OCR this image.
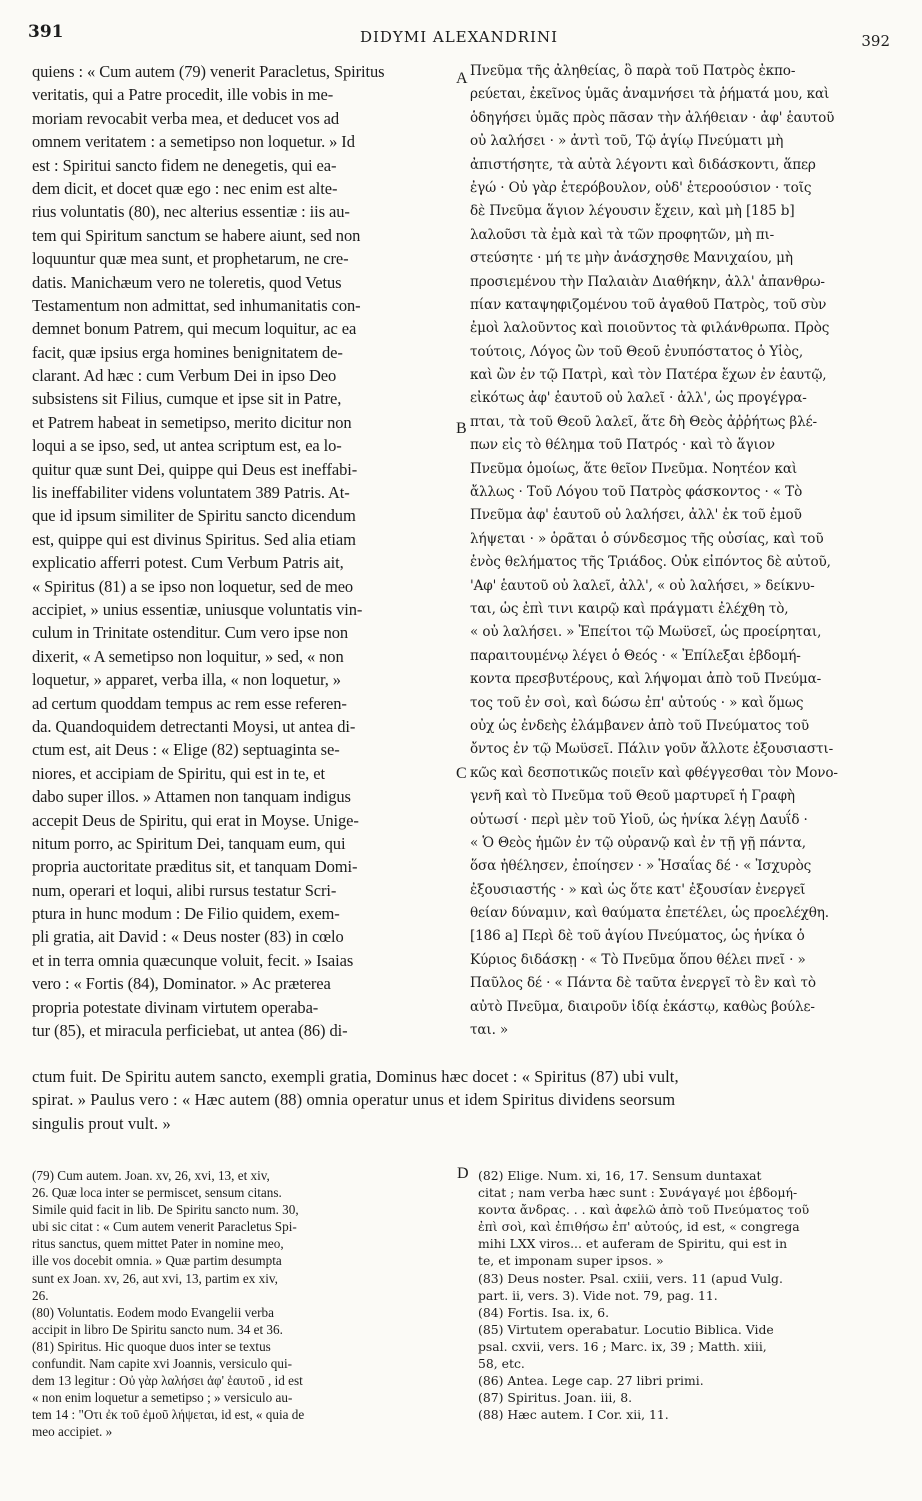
391	DIDYMI ALEXANDRINI	392
quiens : « Cum autem (79) venerit Paracletus, Spiritus
veritatis, qui a Patre procedit, ille vobis in me-
moriam revocabit verba mea, et deducet vos ad
omnem veritatem : a semetipso non loquetur. » Id
est : Spiritui sancto fidem ne denegetis, qui ea-
dem dicit, et docet quæ ego : nec enim est alte-
rius voluntatis (80), nec alterius essentiæ : iis au-
tem qui Spiritum sanctum se habere aiunt, sed non
loquuntur quæ mea sunt, et prophetarum, ne cre-
datis. Manichæum vero ne toleretis, quod Vetus
Testamentum non admittat, sed inhumanitatis con-
demnet bonum Patrem, qui mecum loquitur, ac ea
facit, quæ ipsius erga homines benignitatem de-
clarant. Ad hæc : cum Verbum Dei in ipso Deo
subsistens sit Filius, cumque et ipse sit in Patre,
et Patrem habeat in semetipso, merito dicitur non
loqui a se ipso, sed, ut antea scriptum est, ea lo-
quitur quæ sunt Dei, quippe qui Deus est ineffabi-
lis ineffabiliter videns voluntatem 389 Patris. At-
que id ipsum similiter de Spiritu sancto dicendum
est, quippe qui est divinus Spiritus. Sed alia etiam
explicatio afferri potest. Cum Verbum Patris ait,
« Spiritus (81) a se ipso non loquetur, sed de meo
accipiet, » unius essentiæ, uniusque voluntatis vin-
culum in Trinitate ostenditur. Cum vero ipse non
dixerit, « A semetipso non loquitur, » sed, « non
loquetur, » apparet, verba illa, « non loquetur, »
ad certum quoddam tempus ac rem esse referen-
da. Quandoquidem detrectanti Moysi, ut antea di-
ctum est, ait Deus : « Elige (82) septuaginta se-
niores, et accipiam de Spiritu, qui est in te, et
dabo super illos. » Attamen non tanquam indigus
accepit Deus de Spiritu, qui erat in Moyse. Unige-
nitum porro, ac Spiritum Dei, tanquam eum, qui
propria auctoritate præditus sit, et tanquam Domi-
num, operari et loqui, alibi rursus testatur Scri-
ptura in hunc modum : De Filio quidem, exem-
pli gratia, ait David : « Deus noster (83) in cœlo
et in terra omnia quæcunque voluit, fecit. » Isaias
vero : « Fortis (84), Dominator. » Ac præterea
propria potestate divinam virtutem operaba-
tur (85), et miracula perficiebat, ut antea (86) di-
Πνεῦμα τῆς ἀληθείας, ὃ παρὰ τοῦ Πατρὸς ἐκπο-
ρεύεται, ἐκεῖνος ὑμᾶς ἀναμνήσει τὰ ῥήματά μου, καὶ
ὁδηγήσει ὑμᾶς πρὸς πᾶσαν τὴν ἀλήθειαν · ἀφ' ἑαυτοῦ
οὐ λαλήσει · » ἀντὶ τοῦ, Τῷ ἁγίῳ Πνεύματι μὴ
ἀπιστήσητε, τὰ αὐτὰ λέγοντι καὶ διδάσκοντι, ἅπερ
ἐγώ · Οὐ γὰρ ἑτερόβουλον, οὐδ' ἑτεροούσιον · τοῖς
δὲ Πνεῦμα ἅγιον λέγουσιν ἔχειν, καὶ μὴ [185 b]
λαλοῦσι τὰ ἐμὰ καὶ τὰ τῶν προφητῶν, μὴ πι-
στεύσητε · μή τε μὴν ἀνάσχησθε Μανιχαίου, μὴ
προσιεμένου τὴν Παλαιὰν Διαθήκην, ἀλλ' ἀπανθρω-
πίαν καταψηφιζομένου τοῦ ἀγαθοῦ Πατρὸς, τοῦ σὺν
ἐμοὶ λαλοῦντος καὶ ποιοῦντος τὰ φιλάνθρωπα. Πρὸς
τούτοις, Λόγος ὢν τοῦ Θεοῦ ἐνυπόστατος ὁ Υἱὸς,
καὶ ὢν ἐν τῷ Πατρὶ, καὶ τὸν Πατέρα ἔχων ἐν ἑαυτῷ,
εἰκότως ἀφ' ἑαυτοῦ οὐ λαλεῖ · ἀλλ', ὡς προγέγρα-
πται, τὰ τοῦ Θεοῦ λαλεῖ, ἅτε δὴ Θεὸς ἀῤῥήτως βλέ-
πων εἰς τὸ θέλημα τοῦ Πατρός · καὶ τὸ ἅγιον
Πνεῦμα ὁμοίως, ἅτε θεῖον Πνεῦμα. Νοητέον καὶ
ἄλλως · Τοῦ Λόγου τοῦ Πατρὸς φάσκοντος · « Τὸ
Πνεῦμα ἀφ' ἑαυτοῦ οὐ λαλήσει, ἀλλ' ἐκ τοῦ ἐμοῦ
λήψεται · » ὁρᾶται ὁ σύνδεσμος τῆς οὐσίας, καὶ τοῦ
ἑνὸς θελήματος τῆς Τριάδος. Οὐκ εἰπόντος δὲ αὐτοῦ,
'Αφ' ἑαυτοῦ οὐ λαλεῖ, ἀλλ', « οὐ λαλήσει, » δείκνυ-
ται, ὡς ἐπὶ τινι καιρῷ καὶ πράγματι ἐλέχθη τὸ,
« οὐ λαλήσει. » Ἐπείτοι τῷ Μωϋσεῖ, ὡς προείρηται,
παραιτουμένῳ λέγει ὁ Θεός · « Ἐπίλεξαι ἑβδομή-
κοντα πρεσβυτέρους, καὶ λήψομαι ἀπὸ τοῦ Πνεύμα-
τος τοῦ ἐν σοὶ, καὶ δώσω ἐπ' αὐτούς · » καὶ ὅμως
οὐχ ὡς ἐνδεὴς ἐλάμβανεν ἀπὸ τοῦ Πνεύματος τοῦ
ὄντος ἐν τῷ Μωϋσεῖ. Πάλιν γοῦν ἄλλοτε ἐξουσιαστι-
κῶς καὶ δεσποτικῶς ποιεῖν καὶ φθέγγεσθαι τὸν Μονο-
γενῆ καὶ τὸ Πνεῦμα τοῦ Θεοῦ μαρτυρεῖ ἡ Γραφὴ
οὑτωσί · περὶ μὲν τοῦ Υἱοῦ, ὡς ἡνίκα λέγῃ Δαυΐδ ·
« Ὁ Θεὸς ἡμῶν ἐν τῷ οὐρανῷ καὶ ἐν τῇ γῇ πάντα,
ὅσα ἠθέλησεν, ἐποίησεν · » Ἡσαΐας δέ · « Ἰσχυρὸς
ἐξουσιαστής · » καὶ ὡς ὅτε κατ' ἐξουσίαν ἐνεργεῖ
θείαν δύναμιν, καὶ θαύματα ἐπετέλει, ὡς προελέχθη.
[186 a] Περὶ δὲ τοῦ ἁγίου Πνεύματος, ὡς ἡνίκα ὁ
Κύριος διδάσκῃ · « Τὸ Πνεῦμα ὅπου θέλει πνεῖ · »
Παῦλος δέ · « Πάντα δὲ ταῦτα ἐνεργεῖ τὸ ἓν καὶ τὸ
αὐτὸ Πνεῦμα, διαιροῦν ἰδίᾳ ἑκάστῳ, καθὼς βούλε-
ται. »
A
B
C
D
ctum fuit. De Spiritu autem sancto, exempli gratia, Dominus hæc docet : « Spiritus (87) ubi vult,
spirat. » Paulus vero : « Hæc autem (88) omnia operatur unus et idem Spiritus dividens seorsum
singulis prout vult. »
(79) Cum autem. Joan. xv, 26, xvi, 13, et xiv,
26. Quæ loca inter se permiscet, sensum citans.
Simile quid facit in lib. De Spiritu sancto num. 30,
ubi sic citat : « Cum autem venerit Paracletus Spi-
ritus sanctus, quem mittet Pater in nomine meo,
ille vos docebit omnia. » Quæ partim desumpta
sunt ex Joan. xv, 26, aut xvi, 13, partim ex xiv,
26.
(80) Voluntatis. Eodem modo Evangelii verba
accipit in libro De Spiritu sancto num. 34 et 36.
(81) Spiritus. Hic quoque duos inter se textus
confundit. Nam capite xvi Joannis, versiculo qui-
dem 13 legitur : Οὐ γὰρ λαλήσει ἀφ' ἑαυτοῦ , id est
« non enim loquetur a semetipso ; » versiculo au-
tem 14 : "Οτι ἐκ τοῦ ἐμοῦ λήψεται, id est, « quia de
meo accipiet. »
(82) Elige. Num. xi, 16, 17. Sensum duntaxat
citat ; nam verba hæc sunt : Συνάγαγέ μοι ἑβδομή-
κοντα ἄνδρας. . . καὶ ἀφελῶ ἀπὸ τοῦ Πνεύματος τοῦ
ἐπὶ σοὶ, καὶ ἐπιθήσω ἐπ' αὐτούς, id est, « congrega
mihi LXX viros... et auferam de Spiritu, qui est in
te, et imponam super ipsos. »
(83) Deus noster. Psal. cxiii, vers. 11 (apud Vulg.
part. ii, vers. 3). Vide not. 79, pag. 11.
(84) Fortis. Isa. ix, 6.
(85) Virtutem operabatur. Locutio Biblica. Vide
psal. cxvii, vers. 16 ; Marc. ix, 39 ; Matth. xiii,
58, etc.
(86) Antea. Lege cap. 27 libri primi.
(87) Spiritus. Joan. iii, 8.
(88) Hæc autem. I Cor. xii, 11.
